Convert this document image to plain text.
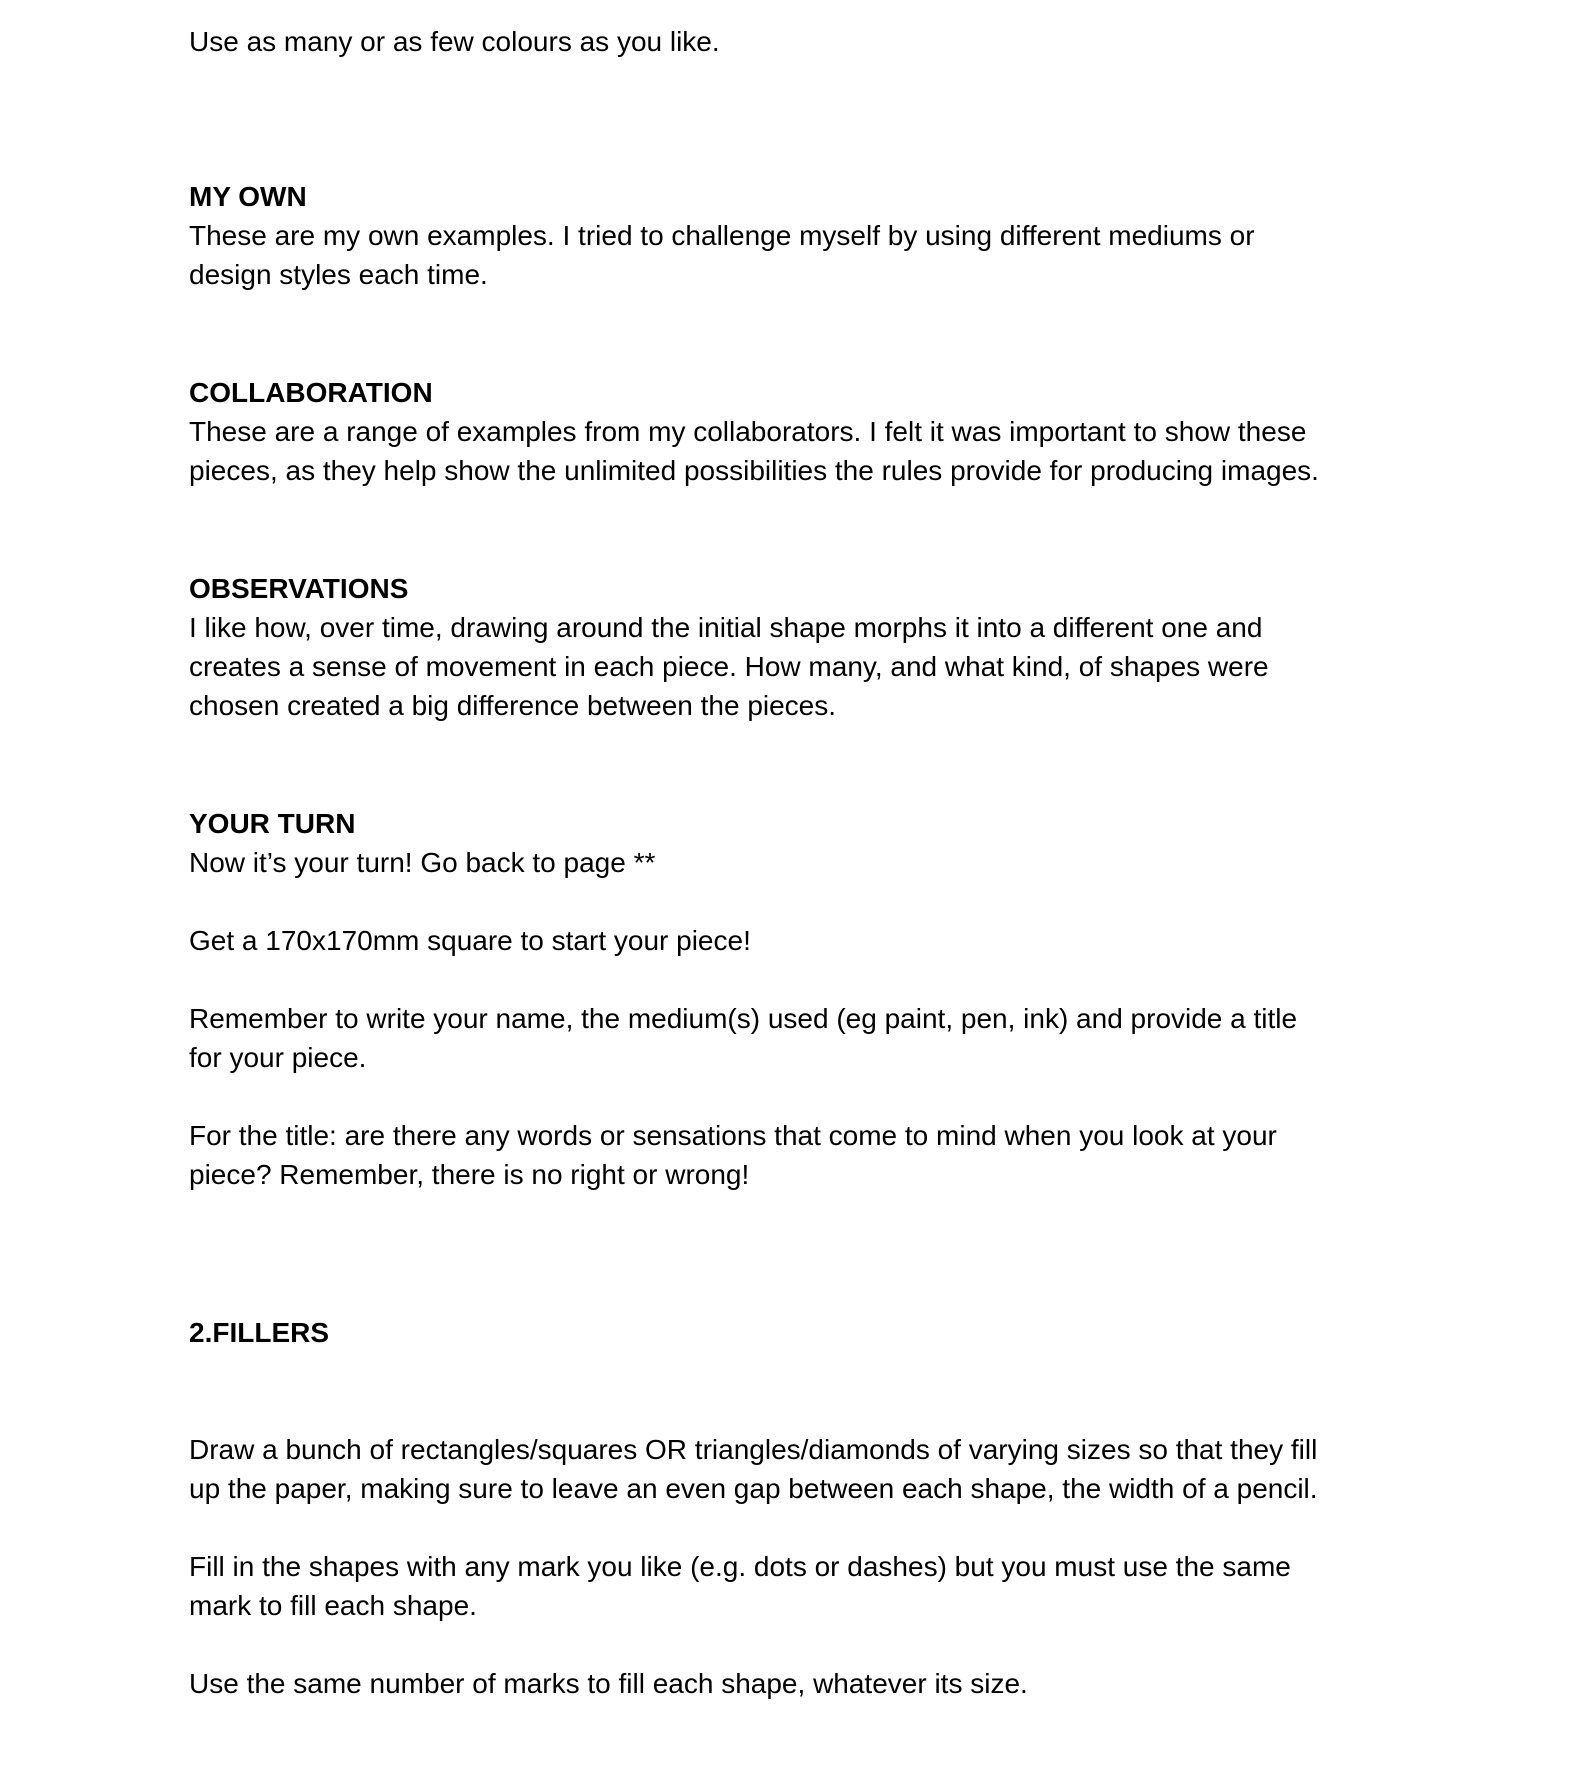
Use as many or as few colours as you like.

MY OWN

These are my own examples. I tried to challenge myself by using different mediums or

design styles each time.

COLLABORATION

These are a range of examples from my collaborators. I felt it was important to show these

pieces, as they help show the unlimited possibilities the rules provide for producing images.

OBSERVATIONS

I like how, over time, drawing around the initial shape morphs it into a different one and

creates a sense of movement in each piece. How many, and what kind, of shapes were

chosen created a big difference between the pieces.

YOUR TURN

Now it’s your turn! Go back to page **

Get a 170x170mm square to start your piece!

Remember to write your name, the medium(s) used (eg paint, pen, ink) and provide a title

for your piece.

For the title: are there any words or sensations that come to mind when you look at your

piece? Remember, there is no right or wrong!

2.FILLERS

Draw a bunch of rectangles/squares OR triangles/diamonds of varying sizes so that they fill

up the paper, making sure to leave an even gap between each shape, the width of a pencil.

Fill in the shapes with any mark you like (e.g. dots or dashes) but you must use the same

mark to fill each shape.

Use the same number of marks to fill each shape, whatever its size.
